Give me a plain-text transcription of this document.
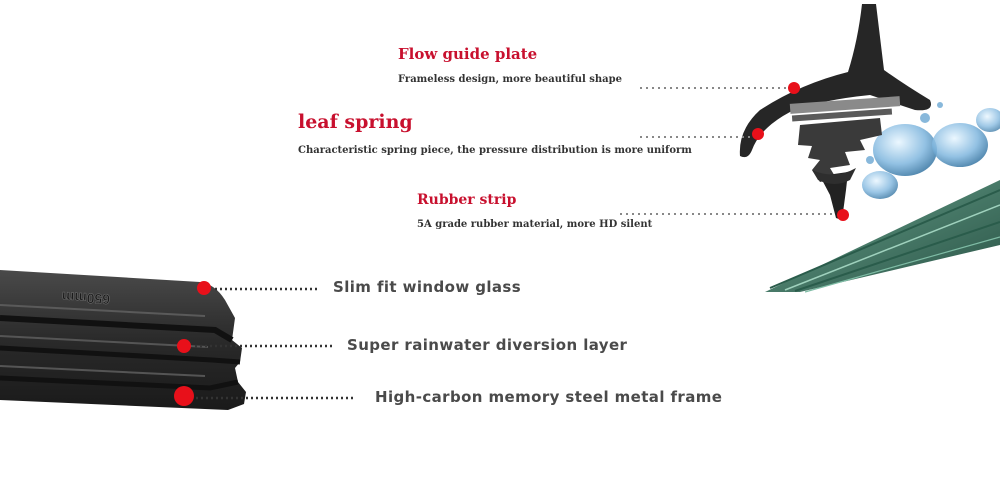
650mm
Flow guide plate
Frameless design, more beautiful shape
leaf spring
Characteristic spring piece, the pressure distribution is more uniform
Rubber strip
5A grade rubber material, more HD silent
Slim fit window glass
Super rainwater diversion layer
High-carbon memory steel metal frame
